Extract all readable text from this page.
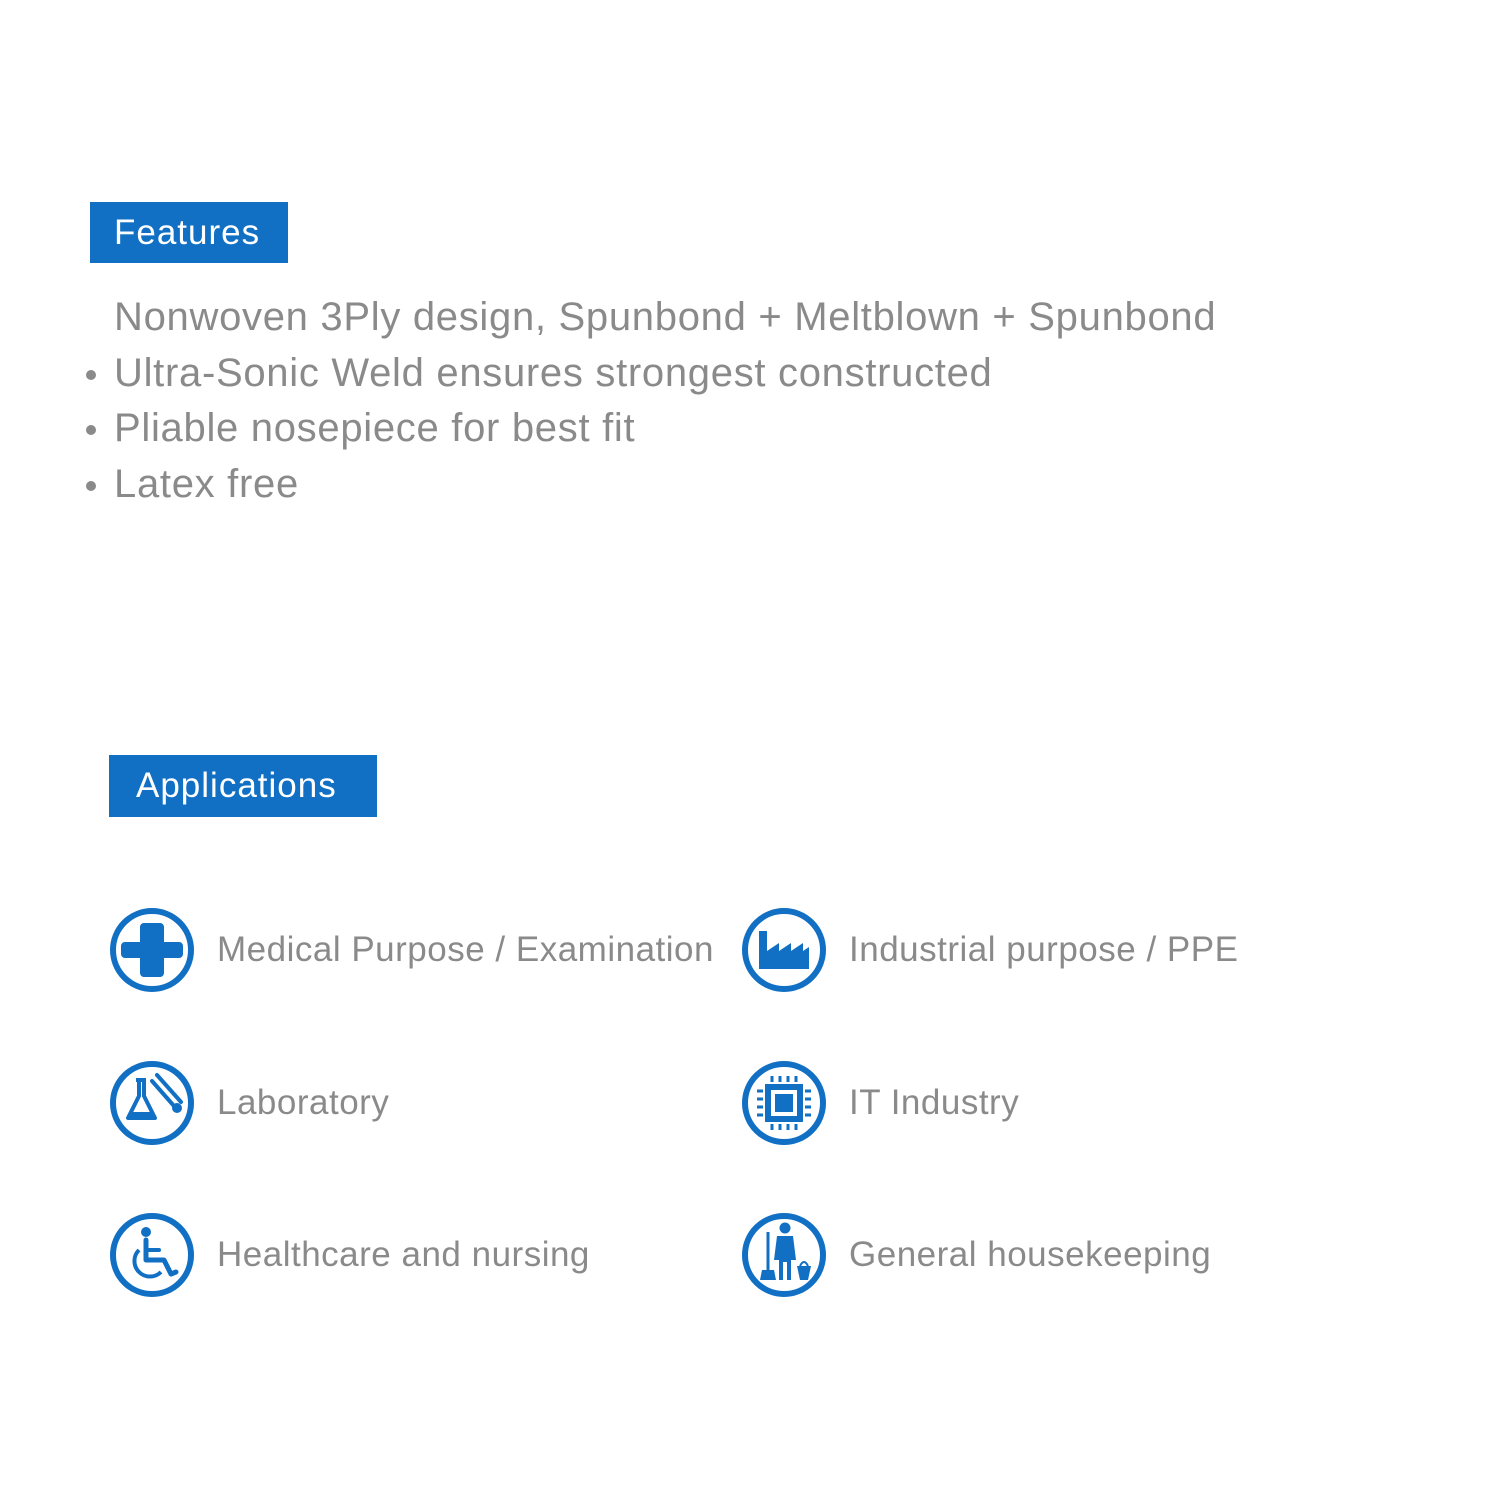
Features
Nonwoven 3Ply design, Spunbond + Meltblown + Spunbond
Ultra-Sonic Weld ensures strongest constructed
Pliable nosepiece for best fit
Latex free
Applications
Medical Purpose / Examination	Industrial purpose / PPE
Laboratory	IT Industry
Healthcare and nursing	General housekeeping
